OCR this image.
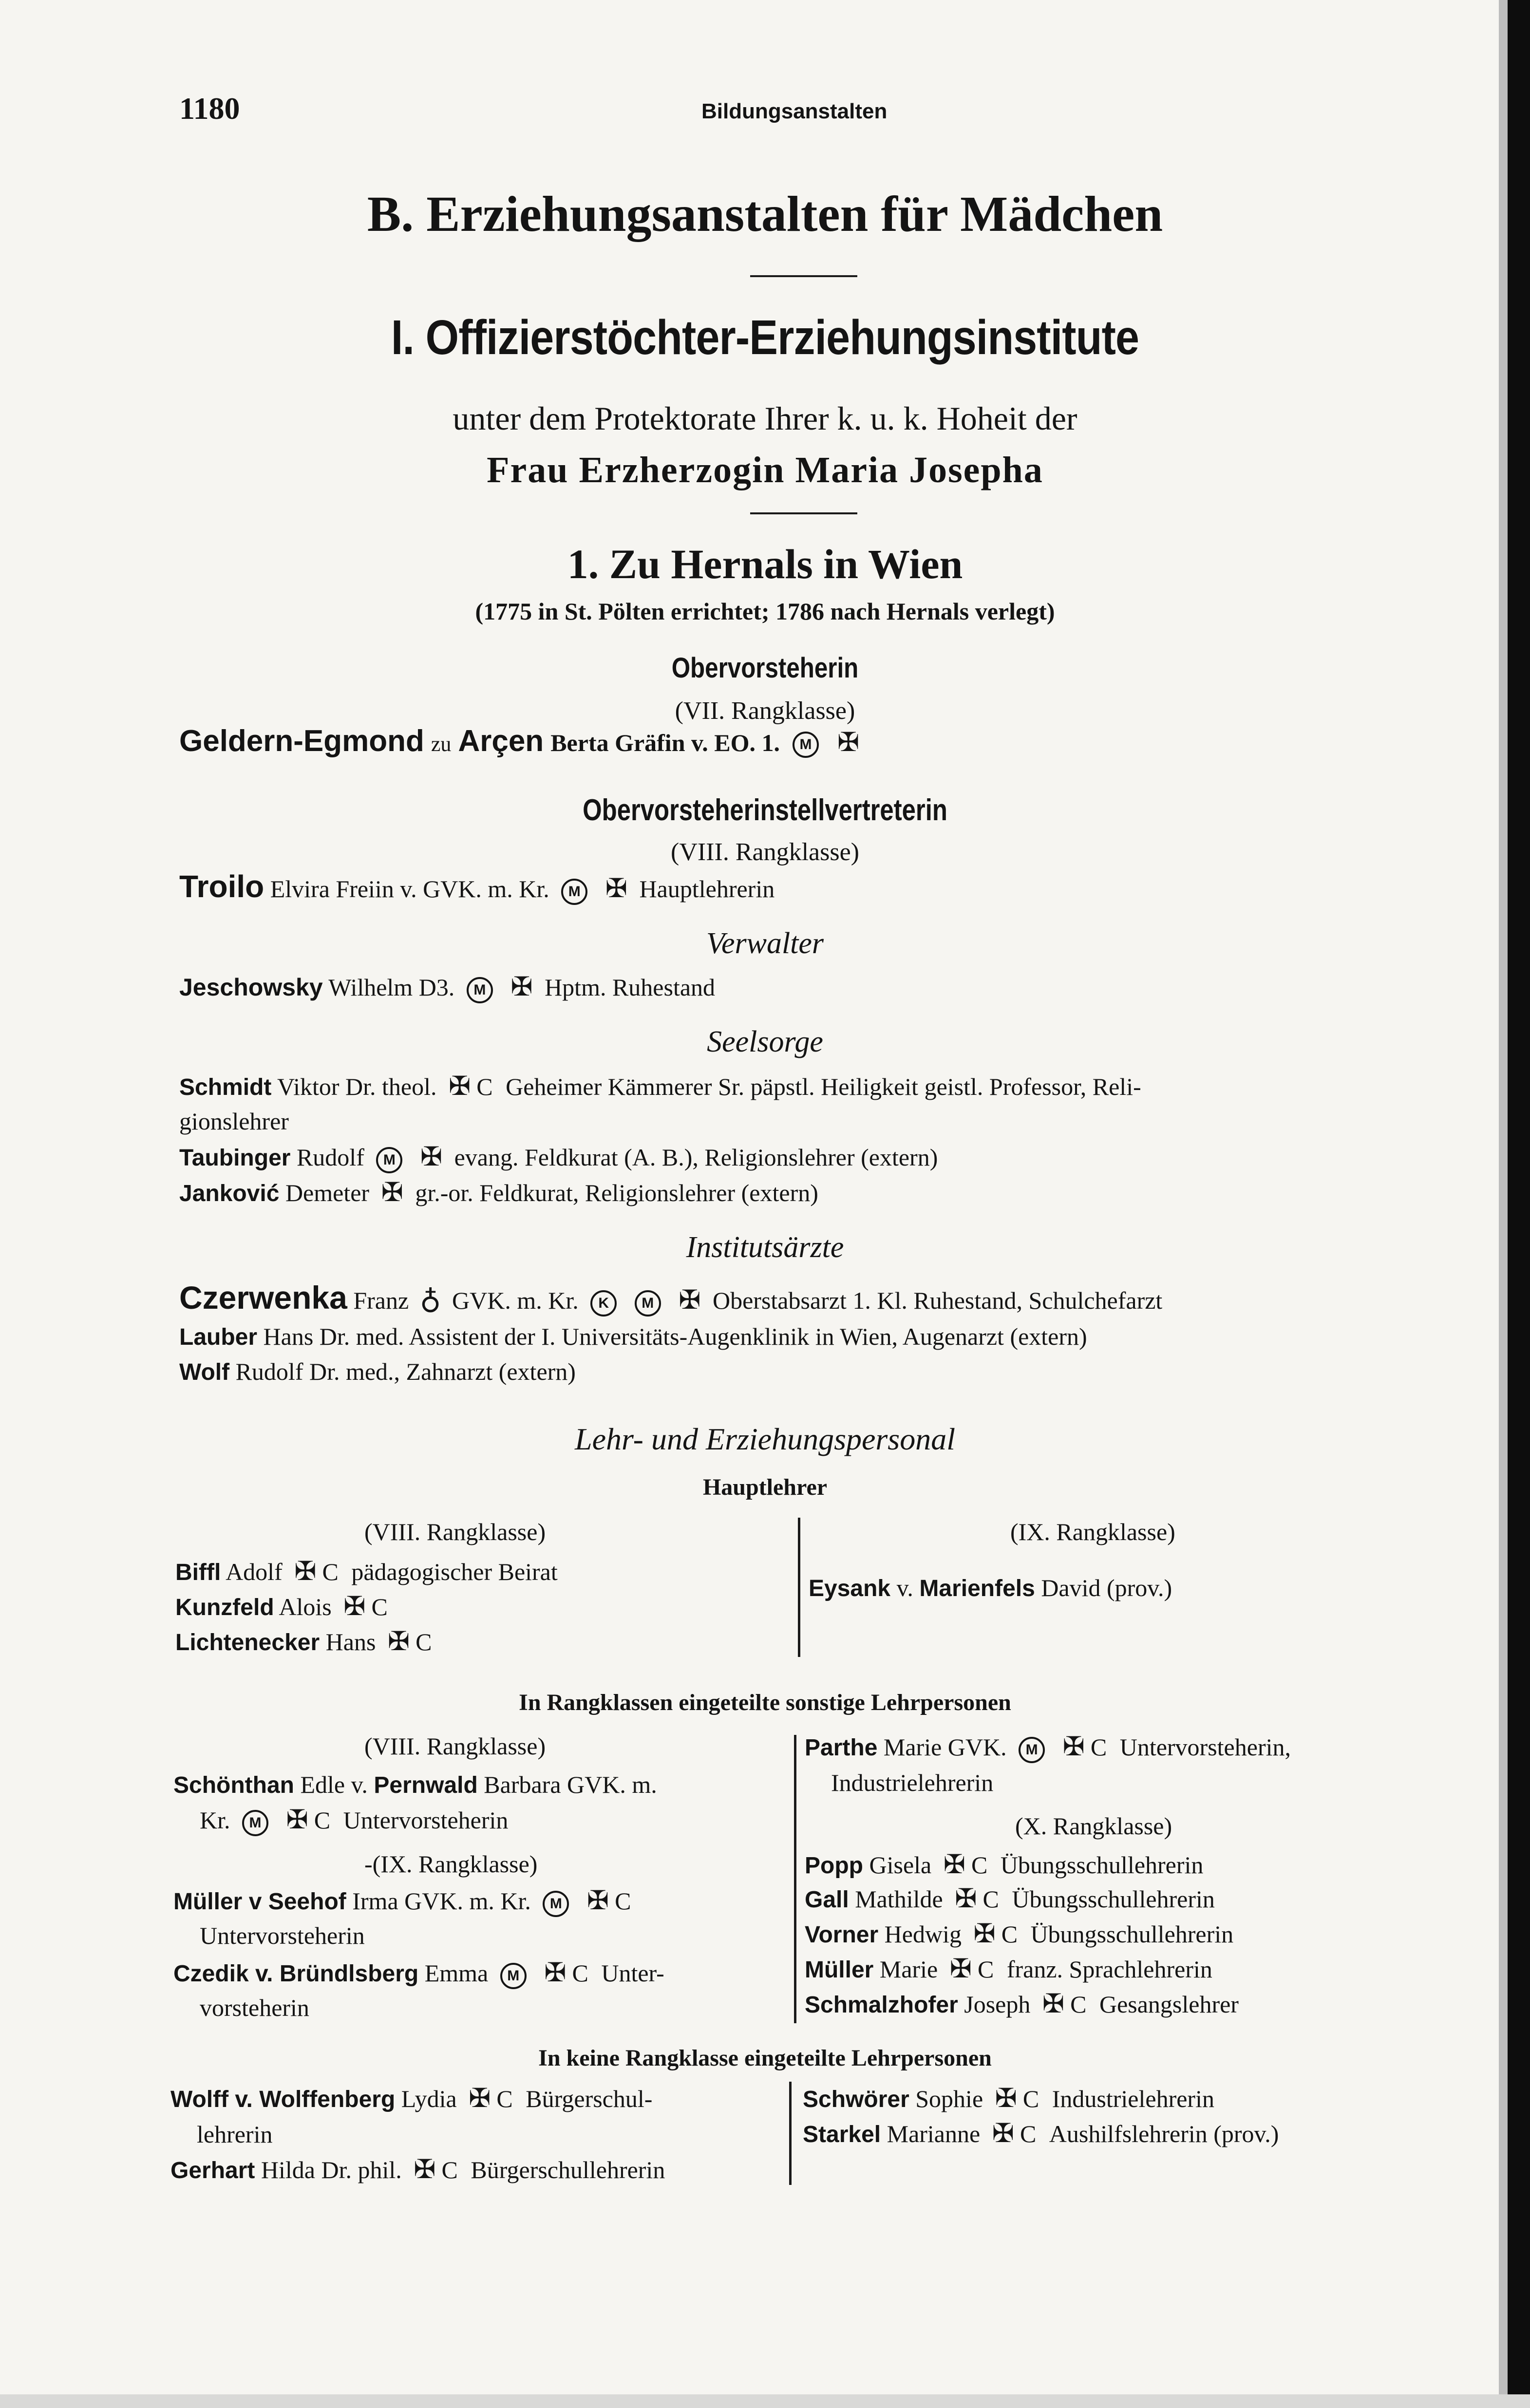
1180	Bildungsanstalten
B. Erziehungsanstalten für Mädchen
I. Offizierstöchter-Erziehungsinstitute
unter dem Protektorate Ihrer k. u. k. Hoheit der
Frau Erzherzogin Maria Josepha
1. Zu Hernals in Wien
(1775 in St. Pölten errichtet; 1786 nach Hernals verlegt)
Obervorsteherin
(VII. Rangklasse)
Geldern-Egmond zu Arçen Berta Gräfin v. EO. 1. M ✠
Obervorsteherinstellvertreterin
(VIII. Rangklasse)
Troilo Elvira Freiin v. GVK. m. Kr. M ✠ Hauptlehrerin
Verwalter
Jeschowsky Wilhelm D3. M ✠ Hptm. Ruhestand
Seelsorge
Schmidt Viktor Dr. theol. ✠ C Geheimer Kämmerer Sr. päpstl. Heiligkeit geistl. Professor, Reli-
gionslehrer
Taubinger Rudolf M ✠ evang. Feldkurat (A. B.), Religionslehrer (extern)
Janković Demeter ✠ gr.-or. Feldkurat, Religionslehrer (extern)
Institutsärzte
Czerwenka Franz ♁ GVK. m. Kr. K M ✠ Oberstabsarzt 1. Kl. Ruhestand, Schulchefarzt
Lauber Hans Dr. med. Assistent der I. Universitäts-Augenklinik in Wien, Augenarzt (extern)
Wolf Rudolf Dr. med., Zahnarzt (extern)
Lehr- und Erziehungspersonal
Hauptlehrer
(VIII. Rangklasse)	(IX. Rangklasse)
Biffl Adolf ✠ C pädagogischer Beirat
Kunzfeld Alois ✠ C
Lichtenecker Hans ✠ C
Eysank v. Marienfels David (prov.)
In Rangklassen eingeteilte sonstige Lehrpersonen
(VIII. Rangklasse)
Schönthan Edle v. Pernwald Barbara GVK. m.
Kr. M ✠ C Untervorsteherin
-(IX. Rangklasse)
Müller v Seehof Irma GVK. m. Kr. M ✠ C
Untervorsteherin
Czedik v. Bründlsberg Emma M ✠ C Unter-
vorsteherin
Parthe Marie GVK. M ✠ C Untervorsteherin,
Industrielehrerin
(X. Rangklasse)
Popp Gisela ✠ C Übungsschullehrerin
Gall Mathilde ✠ C Übungsschullehrerin
Vorner Hedwig ✠ C Übungsschullehrerin
Müller Marie ✠ C franz. Sprachlehrerin
Schmalzhofer Joseph ✠ C Gesangslehrer
In keine Rangklasse eingeteilte Lehrpersonen
Wolff v. Wolffenberg Lydia ✠ C Bürgerschul-
lehrerin
Gerhart Hilda Dr. phil. ✠ C Bürgerschullehrerin
Schwörer Sophie ✠ C Industrielehrerin
Starkel Marianne ✠ C Aushilfslehrerin (prov.)
